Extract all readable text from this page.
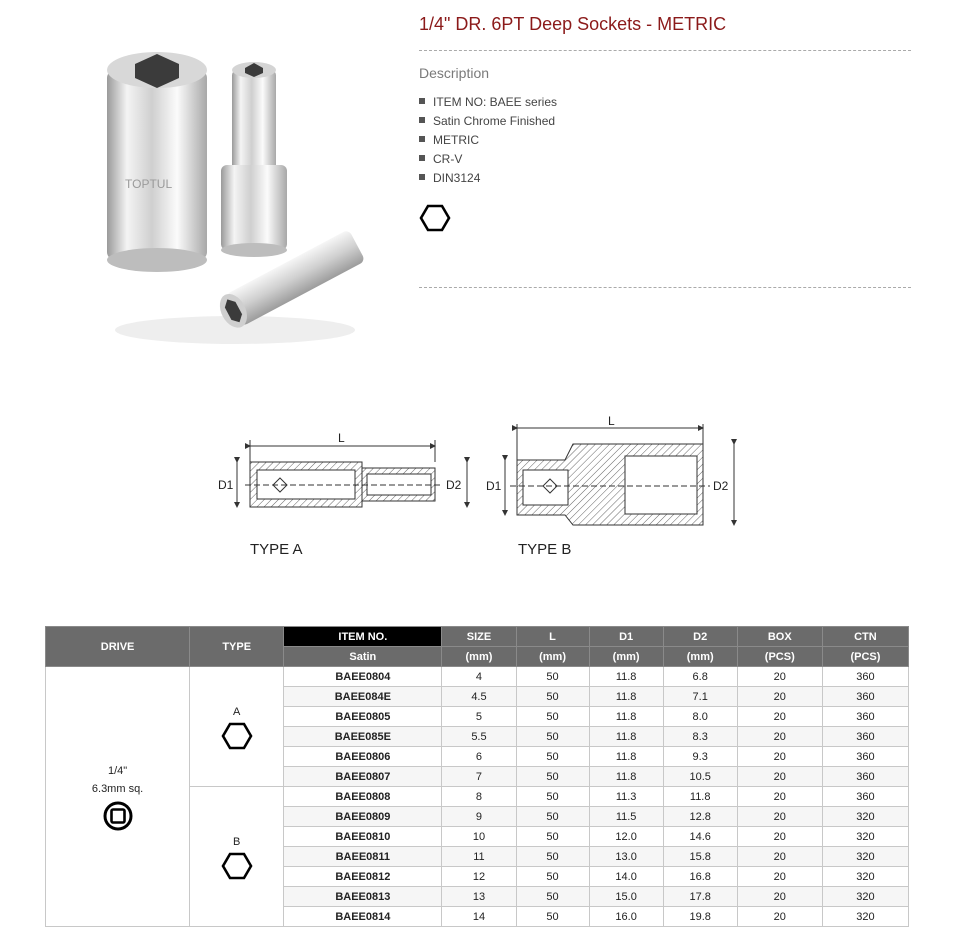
TOPTUL
1/4" DR. 6PT Deep Sockets - METRIC
Description
ITEM NO: BAEE series
Satin Chrome Finished
METRIC
CR-V
DIN3124
L
D1	D2
TYPE A
L
D1	D2
TYPE B
DRIVE	TYPE	ITEM NO.	SIZE	L	D1	D2	BOX	CTN
		Satin	(mm)	(mm)	(mm)	(mm)	(PCS)	(PCS)

1/4"
6.3mm sq.	A	BAEE0804	4	50	11.8	6.8	20	360
		BAEE084E	4.5	50	11.8	7.1	20	360
		BAEE0805	5	50	11.8	8.0	20	360
		BAEE085E	5.5	50	11.8	8.3	20	360
		BAEE0806	6	50	11.8	9.3	20	360
		BAEE0807	7	50	11.8	10.5	20	360

	B	BAEE0808	8	50	11.3	11.8	20	360
		BAEE0809	9	50	11.5	12.8	20	320
		BAEE0810	10	50	12.0	14.6	20	320
		BAEE0811	11	50	13.0	15.8	20	320
		BAEE0812	12	50	14.0	16.8	20	320
		BAEE0813	13	50	15.0	17.8	20	320
		BAEE0814	14	50	16.0	19.8	20	320
